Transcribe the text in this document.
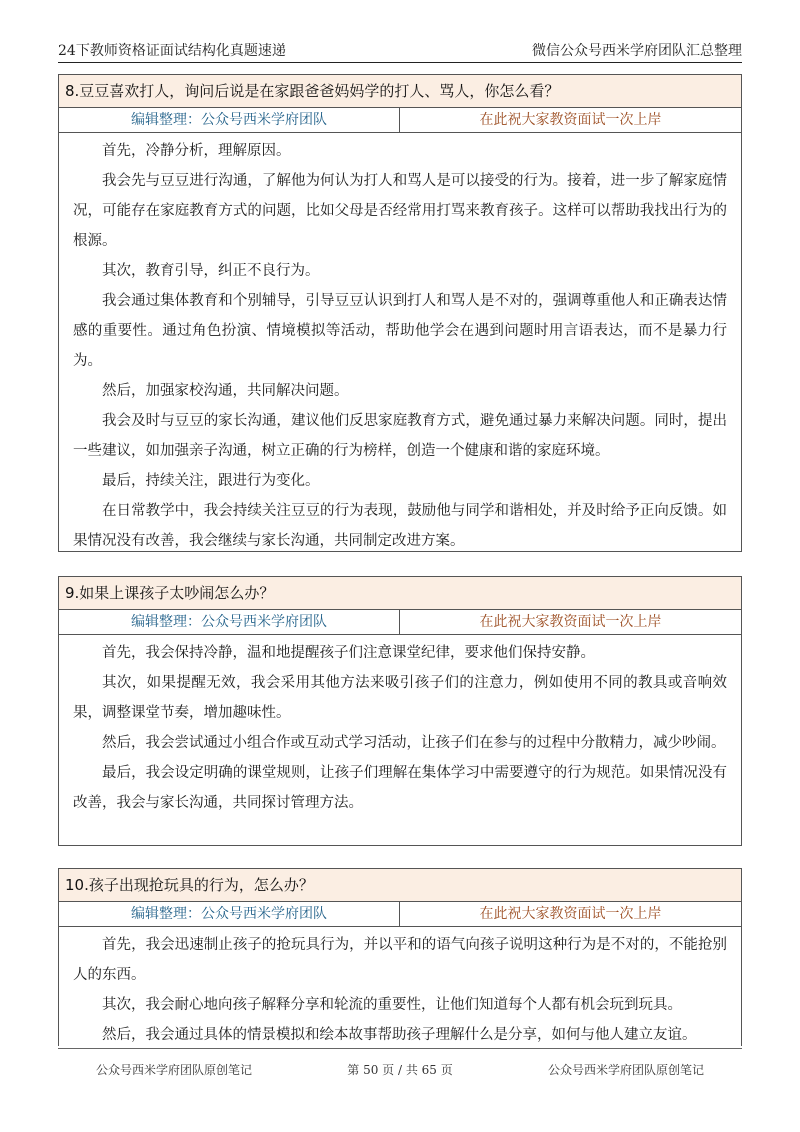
24下教师资格证面试结构化真题速递	微信公众号西米学府团队汇总整理
8.豆豆喜欢打人，询问后说是在家跟爸爸妈妈学的打人、骂人，你怎么看？
编辑整理：公众号西米学府团队	在此祝大家教资面试一次上岸

首先，冷静分析，理解原因。

我会先与豆豆进行沟通，了解他为何认为打人和骂人是可以接受的行为。接着，进一步了解家庭情况，可能存在家庭教育方式的问题，比如父母是否经常用打骂来教育孩子。这样可以帮助我找出行为的根源。

其次，教育引导，纠正不良行为。

我会通过集体教育和个别辅导，引导豆豆认识到打人和骂人是不对的，强调尊重他人和正确表达情感的重要性。通过角色扮演、情境模拟等活动，帮助他学会在遇到问题时用言语表达，而不是暴力行为。

然后，加强家校沟通，共同解决问题。

我会及时与豆豆的家长沟通，建议他们反思家庭教育方式，避免通过暴力来解决问题。同时，提出一些建议，如加强亲子沟通，树立正确的行为榜样，创造一个健康和谐的家庭环境。

最后，持续关注，跟进行为变化。

在日常教学中，我会持续关注豆豆的行为表现，鼓励他与同学和谐相处，并及时给予正向反馈。如果情况没有改善，我会继续与家长沟通，共同制定改进方案。

9.如果上课孩子太吵闹怎么办？
编辑整理：公众号西米学府团队	在此祝大家教资面试一次上岸

首先，我会保持冷静，温和地提醒孩子们注意课堂纪律，要求他们保持安静。

其次，如果提醒无效，我会采用其他方法来吸引孩子们的注意力，例如使用不同的教具或音响效果，调整课堂节奏，增加趣味性。

然后，我会尝试通过小组合作或互动式学习活动，让孩子们在参与的过程中分散精力，减少吵闹。

最后，我会设定明确的课堂规则，让孩子们理解在集体学习中需要遵守的行为规范。如果情况没有改善，我会与家长沟通，共同探讨管理方法。

10.孩子出现抢玩具的行为，怎么办？
编辑整理：公众号西米学府团队	在此祝大家教资面试一次上岸

首先，我会迅速制止孩子的抢玩具行为，并以平和的语气向孩子说明这种行为是不对的，不能抢别人的东西。

其次，我会耐心地向孩子解释分享和轮流的重要性，让他们知道每个人都有机会玩到玩具。

然后，我会通过具体的情景模拟和绘本故事帮助孩子理解什么是分享，如何与他人建立友谊。

公众号西米学府团队原创笔记	第 50 页 / 共 65 页	公众号西米学府团队原创笔记
